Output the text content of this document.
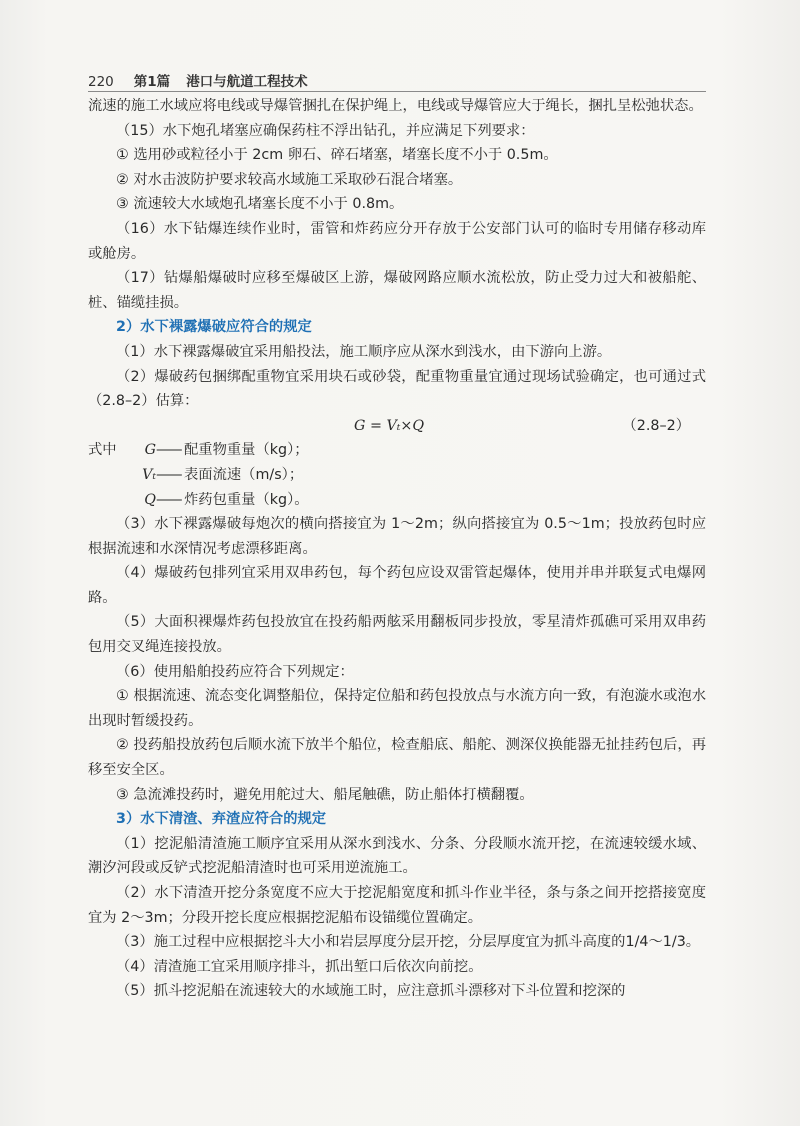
220 第1篇 港口与航道工程技术

流速的施工水域应将电线或导爆管捆扎在保护绳上，电线或导爆管应大于绳长，捆扎呈松弛状态。

（15）水下炮孔堵塞应确保药柱不浮出钻孔，并应满足下列要求：

① 选用砂或粒径小于 2cm 卵石、碎石堵塞，堵塞长度不小于 0.5m。

② 对水击波防护要求较高水域施工采取砂石混合堵塞。

③ 流速较大水域炮孔堵塞长度不小于 0.8m。

（16）水下钻爆连续作业时，雷管和炸药应分开存放于公安部门认可的临时专用储存移动库或舱房。

（17）钻爆船爆破时应移至爆破区上游，爆破网路应顺水流松放，防止受力过大和被船舵、桩、锚缆挂损。

2）水下裸露爆破应符合的规定

（1）水下裸露爆破宜采用船投法，施工顺序应从深水到浅水，由下游向上游。

（2）爆破药包捆绑配重物宜采用块石或砂袋，配重物重量宜通过现场试验确定，也可通过式（2.8–2）估算：

G = Vₜ×Q	（2.8–2）

式中 G—— 配重物重量（kg）；

Vₜ—— 表面流速（m/s）；

Q—— 炸药包重量（kg）。

（3）水下裸露爆破每炮次的横向搭接宜为 1～2m；纵向搭接宜为 0.5～1m；投放药包时应根据流速和水深情况考虑漂移距离。

（4）爆破药包排列宜采用双串药包，每个药包应设双雷管起爆体，使用并串并联复式电爆网路。

（5）大面积裸爆炸药包投放宜在投药船两舷采用翻板同步投放，零星清炸孤礁可采用双串药包用交叉绳连接投放。

（6）使用船舶投药应符合下列规定：

① 根据流速、流态变化调整船位，保持定位船和药包投放点与水流方向一致，有泡漩水或泡水出现时暂缓投药。

② 投药船投放药包后顺水流下放半个船位，检查船底、船舵、测深仪换能器无扯挂药包后，再移至安全区。

③ 急流滩投药时，避免用舵过大、船尾触礁，防止船体打横翻覆。

3）水下清渣、弃渣应符合的规定

（1）挖泥船清渣施工顺序宜采用从深水到浅水、分条、分段顺水流开挖，在流速较缓水域、潮汐河段或反铲式挖泥船清渣时也可采用逆流施工。

（2）水下清渣开挖分条宽度不应大于挖泥船宽度和抓斗作业半径，条与条之间开挖搭接宽度宜为 2～3m；分段开挖长度应根据挖泥船布设锚缆位置确定。

（3）施工过程中应根据挖斗大小和岩层厚度分层开挖，分层厚度宜为抓斗高度的1/4～1/3。

（4）清渣施工宜采用顺序排斗，抓出堑口后依次向前挖。

（5）抓斗挖泥船在流速较大的水域施工时，应注意抓斗漂移对下斗位置和挖深的
